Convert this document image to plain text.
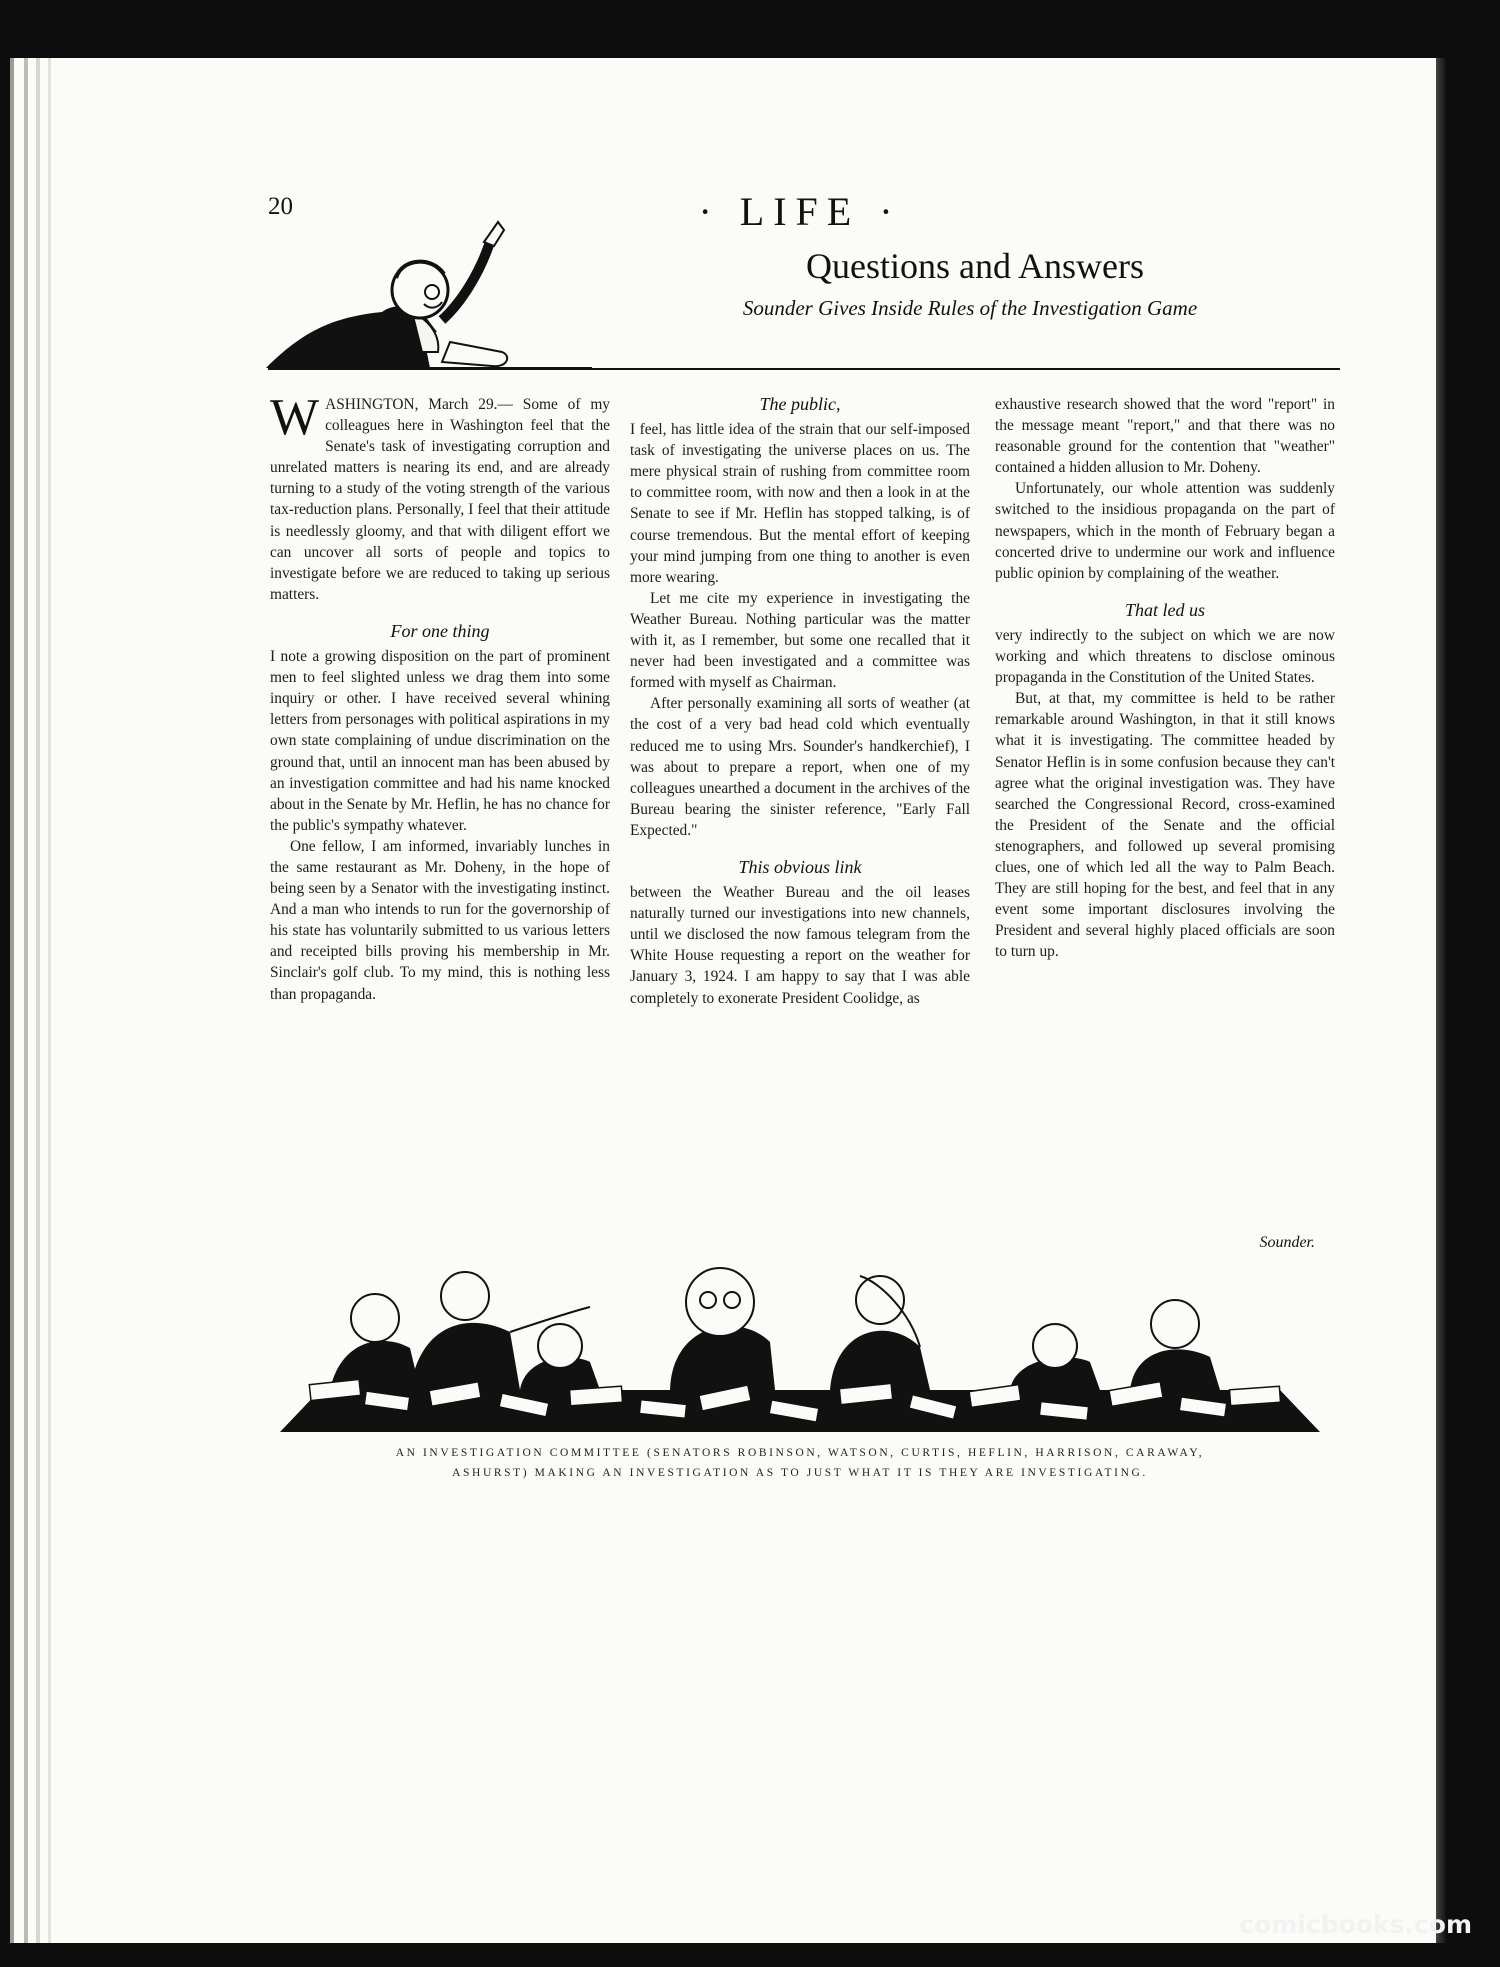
20	· LIFE ·
Questions and Answers
Sounder Gives Inside Rules of the Investigation Game

WASHINGTON, March 29.— Some of my colleagues here in Washington feel that the Senate's task of investigating corruption and unrelated matters is nearing its end, and are already turning to a study of the voting strength of the various tax-reduction plans. Personally, I feel that their attitude is needlessly gloomy, and that with diligent effort we can uncover all sorts of people and topics to investigate before we are reduced to taking up serious matters.

For one thing

I note a growing disposition on the part of prominent men to feel slighted unless we drag them into some inquiry or other. I have received several whining letters from personages with political aspirations in my own state complaining of undue discrimination on the ground that, until an innocent man has been abused by an investigation committee and had his name knocked about in the Senate by Mr. Heflin, he has no chance for the public's sympathy whatever.

One fellow, I am informed, invariably lunches in the same restaurant as Mr. Doheny, in the hope of being seen by a Senator with the investigating instinct. And a man who intends to run for the governorship of his state has voluntarily submitted to us various letters and receipted bills proving his membership in Mr. Sinclair's golf club. To my mind, this is nothing less than propaganda.

The public,

I feel, has little idea of the strain that our self-imposed task of investigating the universe places on us. The mere physical strain of rushing from committee room to committee room, with now and then a look in at the Senate to see if Mr. Heflin has stopped talking, is of course tremendous. But the mental effort of keeping your mind jumping from one thing to another is even more wearing.

Let me cite my experience in investigating the Weather Bureau. Nothing particular was the matter with it, as I remember, but some one recalled that it never had been investigated and a committee was formed with myself as Chairman.

After personally examining all sorts of weather (at the cost of a very bad head cold which eventually reduced me to using Mrs. Sounder's handkerchief), I was about to prepare a report, when one of my colleagues unearthed a document in the archives of the Bureau bearing the sinister reference, "Early Fall Expected."

This obvious link

between the Weather Bureau and the oil leases naturally turned our investigations into new channels, until we disclosed the now famous telegram from the White House requesting a report on the weather for January 3, 1924. I am happy to say that I was able completely to exonerate President Coolidge, as

exhaustive research showed that the word "report" in the message meant "report," and that there was no reasonable ground for the contention that "weather" contained a hidden allusion to Mr. Doheny.

Unfortunately, our whole attention was suddenly switched to the insidious propaganda on the part of newspapers, which in the month of February began a concerted drive to undermine our work and influence public opinion by complaining of the weather.

That led us

very indirectly to the subject on which we are now working and which threatens to disclose ominous propaganda in the Constitution of the United States.

But, at that, my committee is held to be rather remarkable around Washington, in that it still knows what it is investigating. The committee headed by Senator Heflin is in some confusion because they can't agree what the original investigation was. They have searched the Congressional Record, cross-examined the President of the Senate and the official stenographers, and followed up several promising clues, one of which led all the way to Palm Beach. They are still hoping for the best, and feel that in any event some important disclosures involving the President and several highly placed officials are soon to turn up.

Sounder.
AN INVESTIGATION COMMITTEE (SENATORS ROBINSON, WATSON, CURTIS, HEFLIN, HARRISON, CARAWAY, ASHURST) MAKING AN INVESTIGATION AS TO JUST WHAT IT IS THEY ARE INVESTIGATING.
comicbooks.com
